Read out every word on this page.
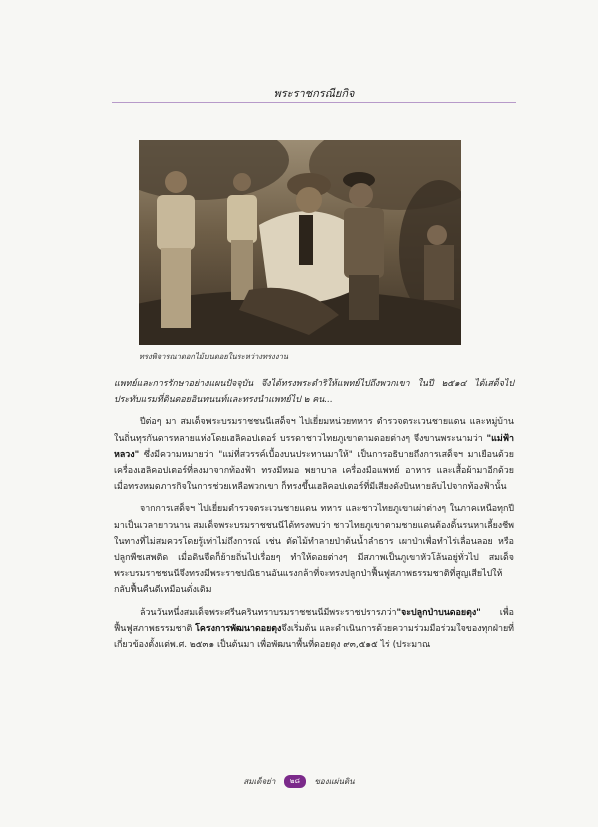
พระราชกรณียกิจ
ทรงพิจารณาดอกไม้บนดอยในระหว่างทรงงาน

แพทย์และการรักษาอย่างแผนปัจจุบัน จึงได้ทรงพระดำริให้แพทย์ไปถึงพวกเขา ในปี ๒๕๑๔ ได้เสด็จไปประทับแรมที่ดินดอยอินทนนท์และทรงนำแพทย์ไป ๒ คน...

ปีต่อๆ มา สมเด็จพระบรมราชชนนีเสด็จฯ ไปเยี่ยมหน่วยทหาร ตำรวจตระเวนชายแดน และหมู่บ้านในถิ่นทุรกันดารหลายแห่งโดยเฮลิคอปเตอร์ บรรดาชาวไทยภูเขาตามดอยต่างๆ จึงขานพระนามว่า "แม่ฟ้าหลวง" ซึ่งมีความหมายว่า "แม่ที่สวรรค์เบื้องบนประทานมาให้" เป็นการอธิบายถึงการเสด็จฯ มาเยือนด้วยเครื่องเฮลิคอปเตอร์ที่ลงมาจากท้องฟ้า ทรงมีหมอ พยาบาล เครื่องมือแพทย์ อาหาร และเสื้อผ้ามาอีกด้วย เมื่อทรงหมดภารกิจในการช่วยเหลือพวกเขา ก็ทรงขึ้นเฮลิคอปเตอร์ที่มีเสียงดังบินหายลับไปจากท้องฟ้านั้น

จากการเสด็จฯ ไปเยี่ยมตำรวจตระเวนชายแดน ทหาร และชาวไทยภูเขาเผ่าต่างๆ ในภาคเหนือทุกปีมาเป็นเวลายาวนาน สมเด็จพระบรมราชชนนีได้ทรงพบว่า ชาวไทยภูเขาตามชายแดนต้องดิ้นรนหาเลี้ยงชีพในทางที่ไม่สมควรโดยรู้เท่าไม่ถึงการณ์ เช่น ตัดไม้ทำลายป่าต้นน้ำลำธาร เผาป่าเพื่อทำไร่เลื่อนลอย หรือปลูกพืชเสพติด เมื่อดินจืดก็ย้ายถิ่นไปเรื่อยๆ ทำให้ดอยต่างๆ มีสภาพเป็นภูเขาหัวโล้นอยู่ทั่วไป สมเด็จพระบรมราชชนนีจึงทรงมีพระราชปณิธานอันแรงกล้าที่จะทรงปลูกป่าฟื้นฟูสภาพธรรมชาติที่สูญเสียไปให้กลับฟื้นคืนดีเหมือนดั่งเดิม

ล้วนวันหนึ่งสมเด็จพระศรีนครินทราบรมราชชนนีมีพระราชปรารภว่า"จะปลูกป่าบนดอยตุง" เพื่อฟื้นฟูสภาพธรรมชาติ โครงการพัฒนาดอยตุงจึงเริ่มต้น และดำเนินการด้วยความร่วมมือร่วมใจของทุกฝ่ายที่เกี่ยวข้องตั้งแต่พ.ศ. ๒๕๓๑ เป็นต้นมา เพื่อพัฒนาพื้นที่ดอยตุง ๙๓,๕๑๕ ไร่ (ประมาณ

สมเด็จย่า ๒๘ ของแผ่นดิน
